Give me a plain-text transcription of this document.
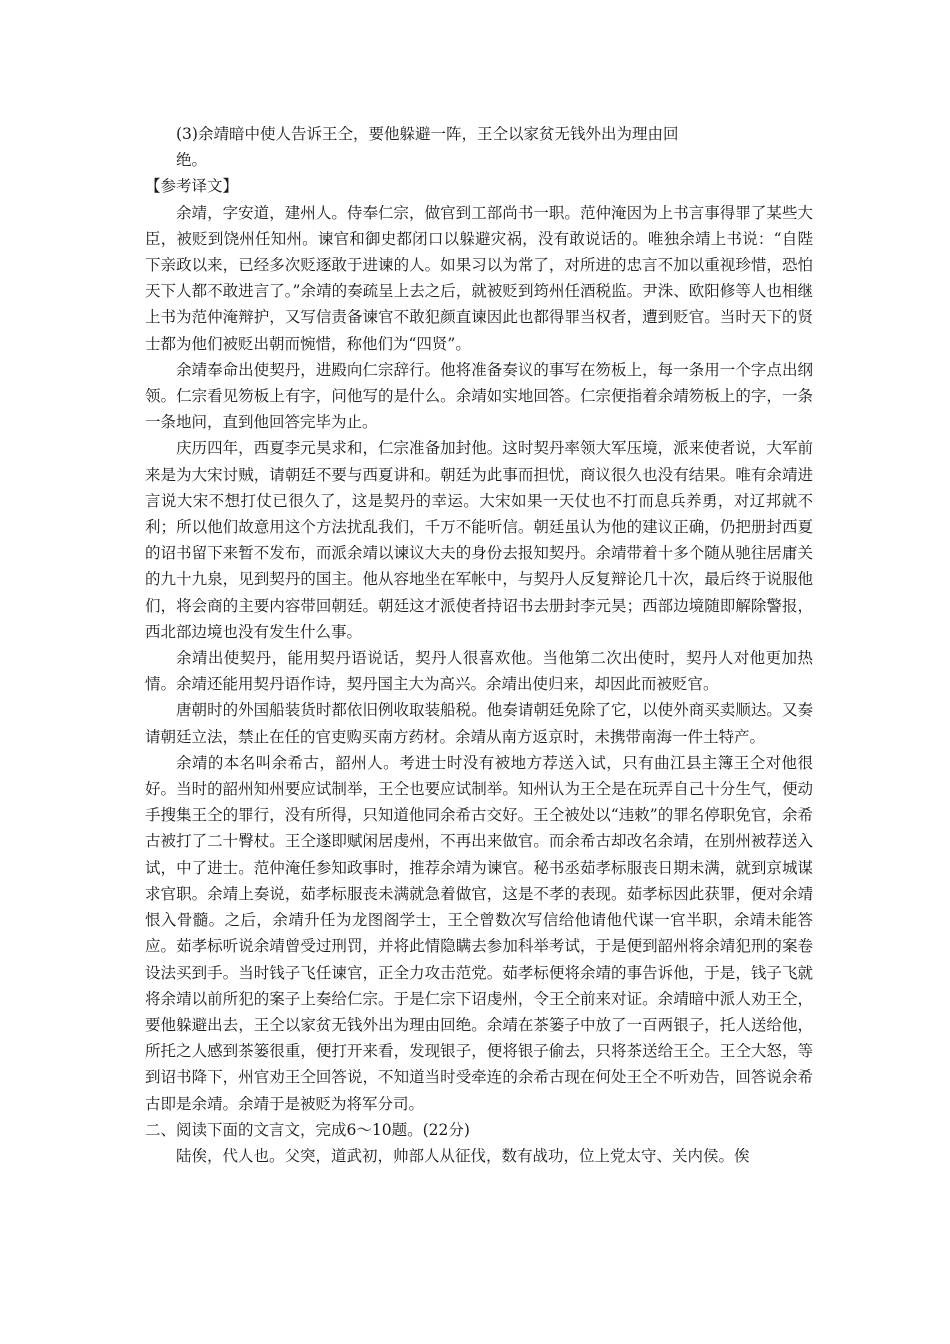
(3)余靖暗中使人告诉王仝，要他躲避一阵，王仝以家贫无钱外出为理由回

绝。

【参考译文】

余靖，字安道，建州人。侍奉仁宗，做官到工部尚书一职。范仲淹因为上书言事得罪了某些大臣，被贬到饶州任知州。谏官和御史都闭口以躲避灾祸，没有敢说话的。唯独余靖上书说：“自陛下亲政以来，已经多次贬逐敢于进谏的人。如果习以为常了，对所进的忠言不加以重视珍惜，恐怕天下人都不敢进言了。”余靖的奏疏呈上去之后，就被贬到筠州任酒税监。尹洙、欧阳修等人也相继上书为范仲淹辩护，又写信责备谏官不敢犯颜直谏因此也都得罪当权者，遭到贬官。当时天下的贤士都为他们被贬出朝而惋惜，称他们为“四贤”。

余靖奉命出使契丹，进殿向仁宗辞行。他将准备奏议的事写在笏板上，每一条用一个字点出纲领。仁宗看见笏板上有字，问他写的是什么。余靖如实地回答。仁宗便指着余靖笏板上的字，一条一条地问，直到他回答完毕为止。

庆历四年，西夏李元昊求和，仁宗准备加封他。这时契丹率领大军压境，派来使者说，大军前来是为大宋讨贼，请朝廷不要与西夏讲和。朝廷为此事而担忧，商议很久也没有结果。唯有余靖进言说大宋不想打仗已很久了，这是契丹的幸运。大宋如果一天仗也不打而息兵养勇，对辽邦就不利；所以他们故意用这个方法扰乱我们，千万不能听信。朝廷虽认为他的建议正确，仍把册封西夏的诏书留下来暂不发布，而派余靖以谏议大夫的身份去报知契丹。余靖带着十多个随从驰往居庸关的九十九泉，见到契丹的国主。他从容地坐在军帐中，与契丹人反复辩论几十次，最后终于说服他们，将会商的主要内容带回朝廷。朝廷这才派使者持诏书去册封李元昊；西部边境随即解除警报，西北部边境也没有发生什么事。

余靖出使契丹，能用契丹语说话，契丹人很喜欢他。当他第二次出使时，契丹人对他更加热情。余靖还能用契丹语作诗，契丹国主大为高兴。余靖出使归来，却因此而被贬官。

唐朝时的外国船装货时都依旧例收取装船税。他奏请朝廷免除了它，以使外商买卖顺达。又奏请朝廷立法，禁止在任的官吏购买南方药材。余靖从南方返京时，未携带南海一件土特产。

余靖的本名叫余希古，韶州人。考进士时没有被地方荐送入试，只有曲江县主簿王仝对他很好。当时的韶州知州要应试制举，王仝也要应试制举。知州认为王仝是在玩弄自己十分生气，便动手搜集王仝的罪行，没有所得，只知道他同余希古交好。王仝被处以“违敕”的罪名停职免官，余希古被打了二十臀杖。王仝遂即赋闲居虔州，不再出来做官。而余希古却改名余靖，在别州被荐送入试，中了进士。范仲淹任参知政事时，推荐余靖为谏官。秘书丞茹孝标服丧日期未满，就到京城谋求官职。余靖上奏说，茹孝标服丧未满就急着做官，这是不孝的表现。茹孝标因此获罪，便对余靖恨入骨髓。之后，余靖升任为龙图阁学士，王仝曾数次写信给他请他代谋一官半职，余靖未能答应。茹孝标听说余靖曾受过刑罚，并将此情隐瞒去参加科举考试，于是便到韶州将余靖犯刑的案卷设法买到手。当时钱子飞任谏官，正全力攻击范党。茹孝标便将余靖的事告诉他，于是，钱子飞就将余靖以前所犯的案子上奏给仁宗。于是仁宗下诏虔州，令王仝前来对证。余靖暗中派人劝王仝，要他躲避出去，王仝以家贫无钱外出为理由回绝。余靖在茶篓子中放了一百两银子，托人送给他，所托之人感到茶篓很重，便打开来看，发现银子，便将银子偷去，只将茶送给王仝。王仝大怒，等到诏书降下，州官劝王仝回答说，不知道当时受牵连的余希古现在何处王仝不听劝告，回答说余希古即是余靖。余靖于是被贬为将军分司。

二、阅读下面的文言文，完成6～10题。(22分)

陆俟，代人也。父突，道武初，帅部人从征伐，数有战功，位上党太守、关内侯。俟
